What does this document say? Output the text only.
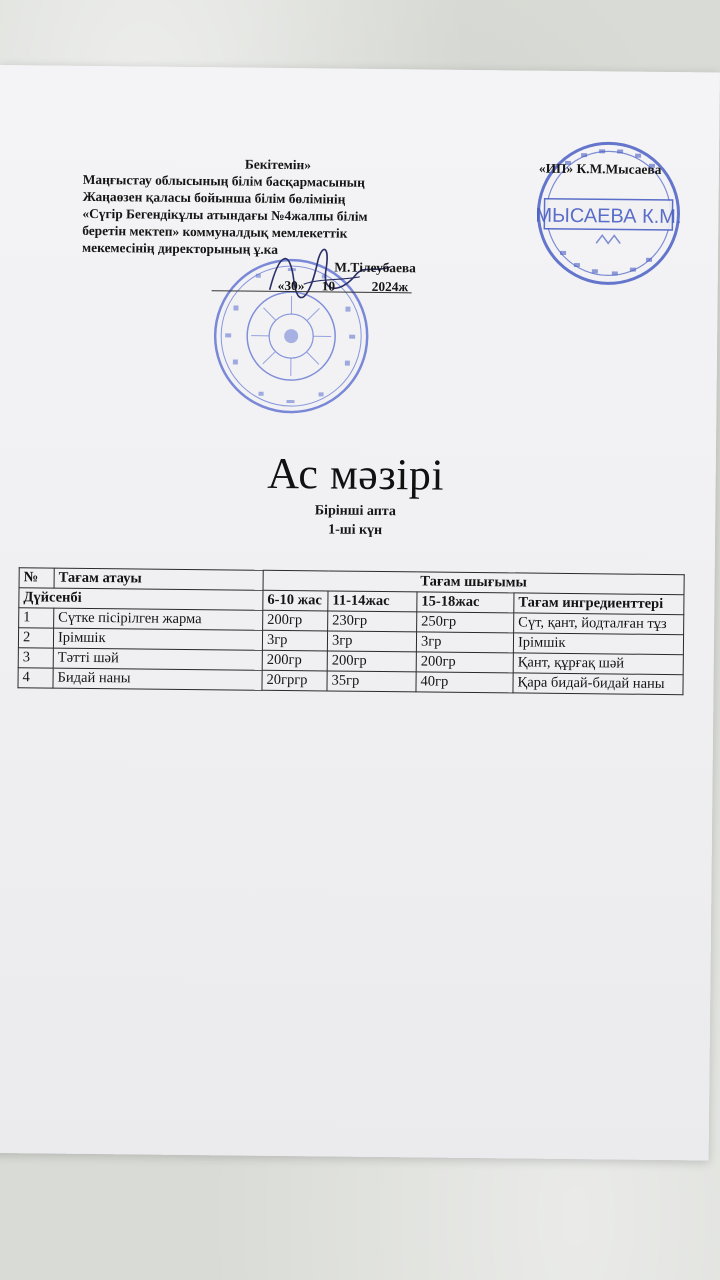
МЫСАЕВА К.М.
Бекітемін»
Маңғыстау облысының білім басқармасының
Жаңаөзен қаласы бойынша білім бөлімінің
«Сүгір Бегендікұлы атындағы №4жалпы білім
беретін мектеп» коммуналдық мемлекеттік
мекемесінің директорының ұ.ка
М.Тілеубаева
«30» 10	2024ж
«ИП» К.М.Мысаева
Ас мәзірі
Бірінші апта
1-ші күн
№	Тағам атауы	Тағам шығымы			
Дүйсенбі		6-10 жас	11-14жас	15-18жас	Тағам ингредиенттері
1	Сүтке пісірілген жарма	200гр	230гр	250гр	Сүт, қант, йодталған тұз
2	Ірімшік	3гр	3гр	3гр	Ірімшік
3	Тәтті шәй	200гр	200гр	200гр	Қант, құрғақ шәй
4	Бидай наны	20гргр	35гр	40гр	Қара бидай-бидай наны
